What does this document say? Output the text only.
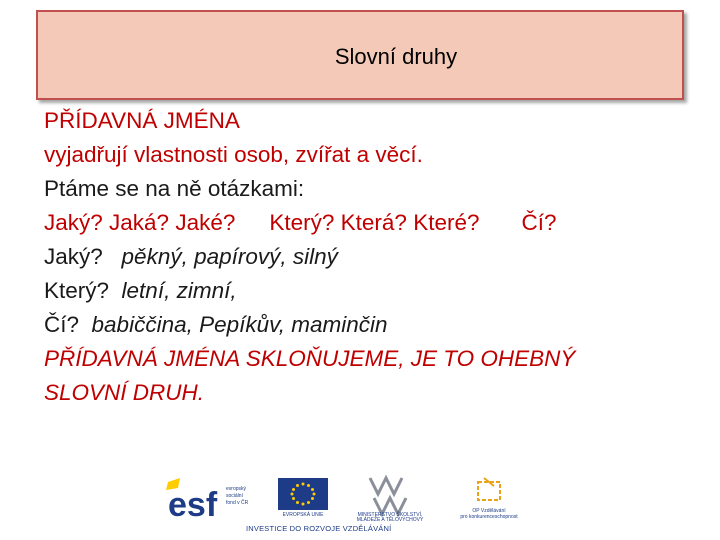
Slovní druhy
PŘÍDAVNÁ JMÉNA
vyjadřují vlastnosti osob, zvířat a věcí.
Ptáme se na ně otázkami:
Jaký? Jaká? Jaké? Který? Která? Které? Čí?
Jaký? pěkný, papírový, silný
Který? letní, zimní,
Čí? babiččina, Pepíkův, maminčin
PŘÍDAVNÁ JMÉNA SKLOŇUJEME, JE TO OHEBNÝ SLOVNÍ DRUH.
esf evropský
sociální
fond v ČR
EVROPSKÁ UNIE	MINISTERSTVO ŠKOLSTVÍ,
MLÁDEŽE A TĚLOVÝCHOVY
OP Vzdělávání
pro konkurenceschopnost
INVESTICE DO ROZVOJE VZDĚLÁVÁNÍ
